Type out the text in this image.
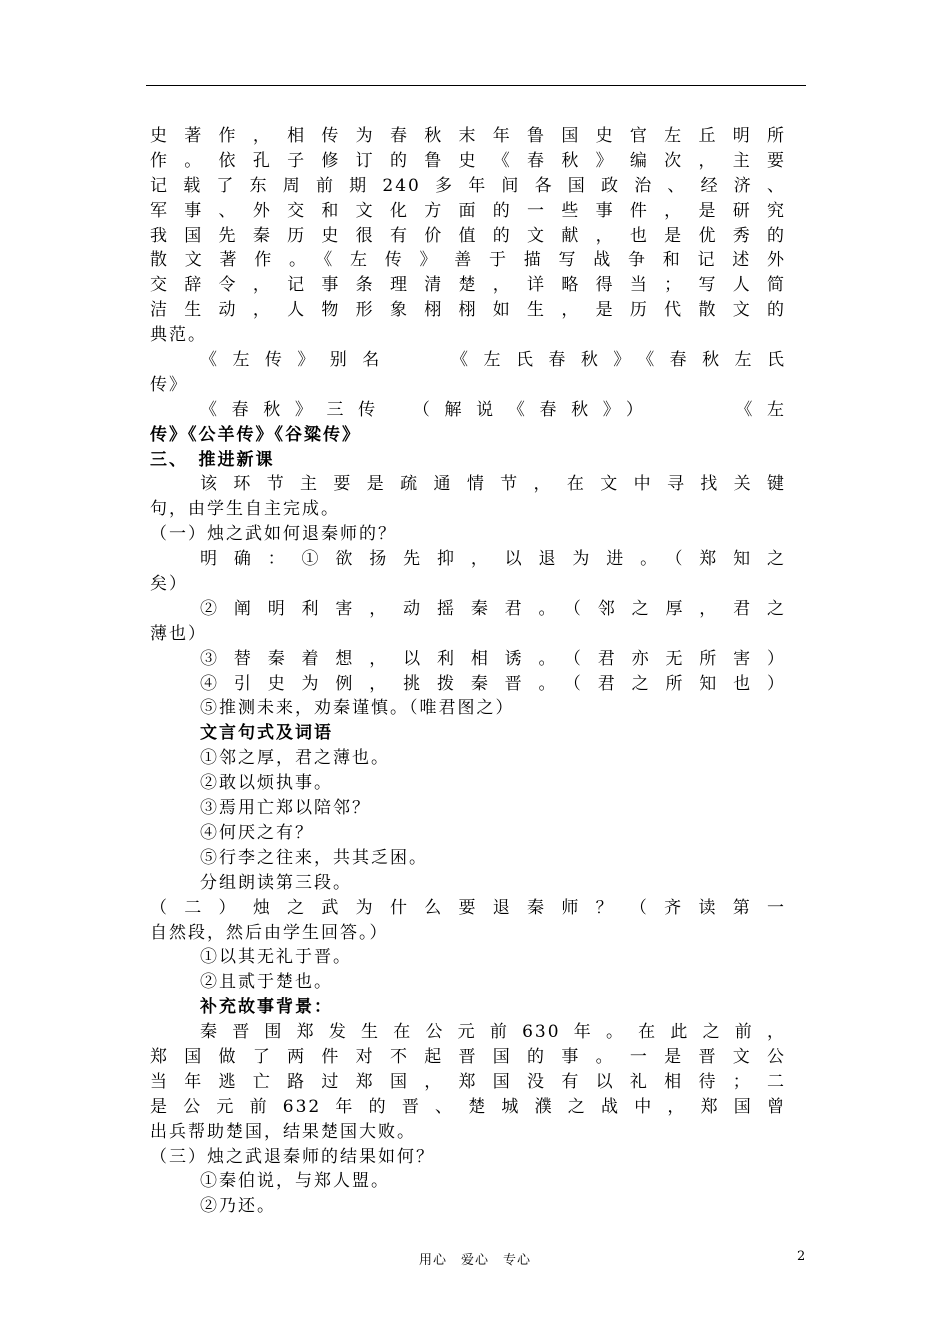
史著作，相传为春秋末年鲁国史官左丘明所
作。依孔子修订的鲁史《春秋》编次，主要
记载了东周前期240多年间各国政治、经济、
军事、外交和文化方面的一些事件，是研究
我国先秦历史很有价值的文献，也是优秀的
散文著作。《左传》善于描写战争和记述外
交辞令，记事条理清楚，详略得当；写人简
洁生动，人物形象栩栩如生，是历代散文的
典范。
《左传》别名　　《左氏春秋》《春秋左氏
传》
《春秋》三传　（解说《春秋》）　　　《左
传》《公羊传》《谷粱传》
三、　推进新课
该环节主要是疏通情节，在文中寻找关键
句，由学生自主完成。
（一）烛之武如何退秦师的？
明确：①欲扬先抑，以退为进。（郑知之
矣）
②阐明利害，动摇秦君。（邻之厚，君之
薄也）
③替秦着想，以利相诱。（君亦无所害）
④引史为例，挑拨秦晋。（君之所知也）
⑤推测未来，劝秦谨慎。（唯君图之）
文言句式及词语
①邻之厚，君之薄也。
②敢以烦执事。
③焉用亡郑以陪邻？
④何厌之有？
⑤行李之往来，共其乏困。
分组朗读第三段。
（二）烛之武为什么要退秦师？（齐读第一
自然段，然后由学生回答。）
①以其无礼于晋。
②且贰于楚也。
补充故事背景：
秦晋围郑发生在公元前630年。在此之前，
郑国做了两件对不起晋国的事。一是晋文公
当年逃亡路过郑国，郑国没有以礼相待；二
是公元前632年的晋、楚城濮之战中，郑国曾
出兵帮助楚国，结果楚国大败。
（三）烛之武退秦师的结果如何？
①秦伯说，与郑人盟。
②乃还。
用心　爱心　专心	2
